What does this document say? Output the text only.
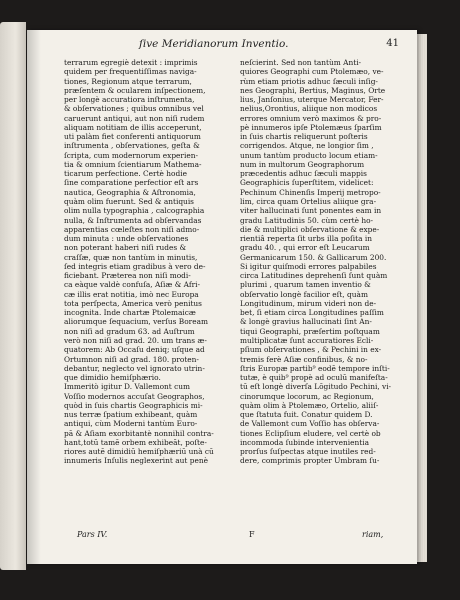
ſive Meridianorum Inventio.	41
terrarum egregiè detexit : imprimis
quidem per frequentiſſimas naviga-
tiones, Regionum atque terrarum,
præſentem & ocularem inſpectionem,
per longè accuratiora inſtrumenta,
& obſervationes ; quibus omnibus vel
caruerunt antiqui, aut non niſi rudem
aliquam notitiam de illis acceperunt,
uti palàm fiet conferenti antiquorum
inſtrumenta , obſervationes, geſta &
ſcripta, cum modernorum experien-
tia & omnium ſcientiarum Mathema-
ticarum perfectione. Certè hodie
ſine comparatione perfectior eſt ars
nautica, Geographia & Aſtronomia,
quàm olim fuerunt. Sed & antiquis
olim nulla typographia , calcographia
nulla, & Inſtrumenta ad obſervandas
apparentias cœleſtes non niſi admo-
dum minuta : unde obſervationes
non poterant haberi niſi rudes &
craſſæ, quæ non tantùm in minutis,
ſed integris etiam gradibus à vero de-
ficiebant. Præterea non niſi modi-
ca eàque valdè confuſa, Aſiæ & Afri-
cæ illis erat notitia, imò nec Europa
tota perſpecta, America verò penitus
incognita. Inde chartæ Ptolemaicæ
aliorumque ſequacium, verſus Boream
non niſi ad gradum 63. ad Auſtrum
verò non niſi ad grad. 20. um trans æ-
quatorem: Ab Occaſu deniq; uſque ad
Ortumnon niſi ad grad. 180. proten-
debantur, neglecto vel ignorato utrin-
que dimidio hemiſphærio.
Immeritò igitur D. Vallemont cum
Voſſio modernos accuſat Geographos,
quòd in ſuis chartis Geographicis mi-
nus terræ ſpatium exhibeant, quàm
antiqui, cùm Moderni tantùm Euro-
pā & Aſiam exorbitantè nonnihil contra-
hant,totū tamē orbem exhibeāt, poſte-
riores autē dimidiū hemiſphæriū unà cū
innumeris Inſulis neglexerint aut penè
neſcierint. Sed non tantùm Anti-
quiores Geographi cum Ptolemæo, ve-
rùm etiam priotis adhuc ſæculi inſig-
nes Geographi, Bertius, Maginus, Orte
lius, Janſonius, uterque Mercator, Fer-
nelius,Orontius, aliique non modicos
errores omnium verò maximos & pro-
pè innumeros ipſe Ptolemæus ſparſim
in ſuis chartis reliquerunt poſteris
corrigendos. Atque, ne longior ſim ,
unum tantùm producto locum etiam-
num in multorum Geographorum
præcedentis adhuc ſæculi mappis
Geographicis ſuperſtitem, videlicet:
Pechinum Chinenſis Imperij metropo-
lim, circa quam Ortelius aliique gra-
viter hallucinati ſunt ponentes eam in
gradu Latitudinis 50. cùm certè ho-
die & multiplici obſervatione & expe-
rientiâ reperta ſit urbs illa poſita in
gradu 40. , qui error eſt Leucarum
Germanicarum 150. & Gallicarum 200.
Si igitur quiſmodi errores palpabiles
circa Latitudines deprehenſi ſunt quàm
plurimi , quarum tamen inventio &
obſervatio longè facilior eſt, quàm
Longitudinum, mirum videri non de-
bet, ſi etiam circa Longitudines paſſim
& longè gravius hallucinati ſint An-
tiqui Geographi, præſertim poſtquam
multiplicatæ ſunt accuratiores Ecli-
pſium obſervationes , & Pechini in ex-
tremis ferè Aſiæ confinibus, & no-
ſtris Europæ partib⁹ eodē tempore inſti-
tutæ, è quib⁹ propè ad oculū manifeſta-
tū eſt longè diverſa Lōgitudo Pechini, vi-
cinorumque locorum, ac Regionum,
quàm olim à Ptolemæo, Ortelio, aliiſ-
que ſtatuta fuit. Conatur quidem D.
de Vallemont cum Voſſio has obſerva-
tiones Eclipſium eludere, vel certè ob
incommoda ſubinde intervenientia
prorſus ſuſpectas atque inutiles red-
dere, comprimis propter Umbram ſu-
Pars IV.	F	riam,
